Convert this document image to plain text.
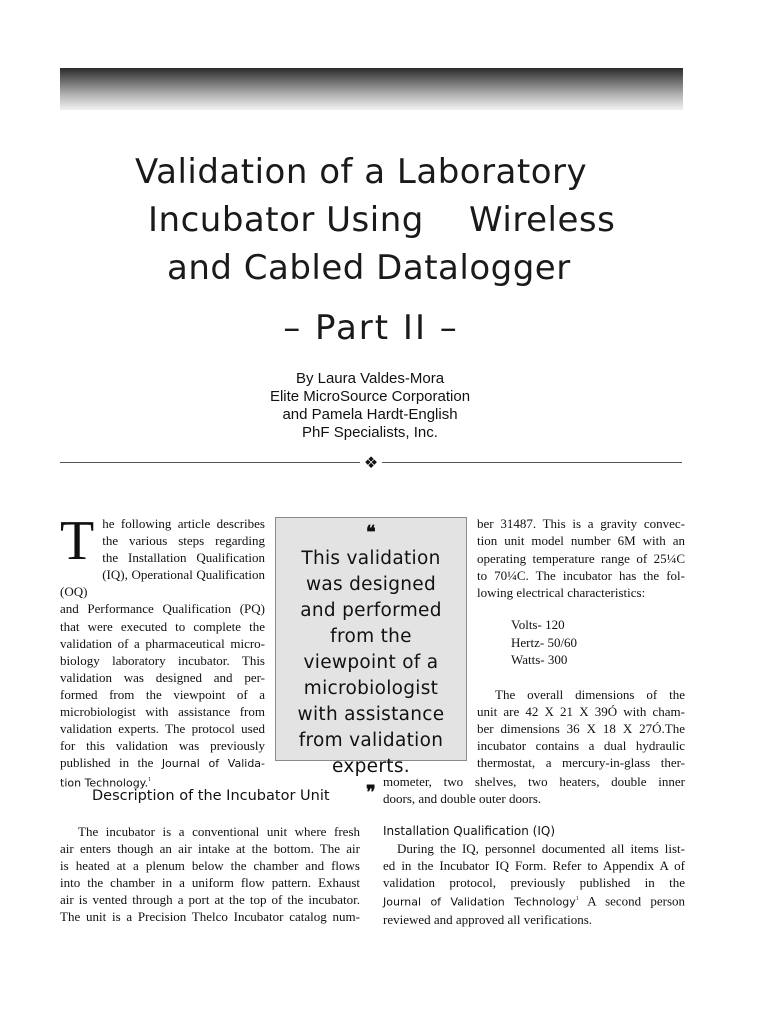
Validation of a Laboratory
Incubator Using    Wireless
and Cabled Datalogger
– Part II –
By Laura Valdes-Mora
Elite MicroSource Corporation
and Pamela Hardt-English
PhF Specialists, Inc.
❖
T he following article describes
the various steps regarding
the Installation Qualification
(IQ), Operational Qualification (OQ)
and Performance Qualification (PQ)
that were executed to complete the
validation of a pharmaceutical micro-
biology laboratory incubator. This
validation was designed and per-
formed from the viewpoint of a
microbiologist with assistance from
validation experts. The protocol used
for this validation was previously
published in the Journal of Valida-
tion Technology.$^1$
❝
This validation
was designed
and performed
from the
viewpoint of a
microbiologist
with assistance
from validation
experts.
❞
ber 31487. This is a gravity convec-
tion unit model number 6M with an
operating temperature range of 25¼C
to 70¼C. The incubator has the fol-
lowing electrical characteristics:
Volts- 120
Hertz- 50/60
Watts- 300
The overall dimensions of the
unit are 42 X 21 X 39Ó with cham-
ber dimensions 36 X 18 X 27Ó.The
incubator contains a dual hydraulic
thermostat, a mercury-in-glass ther-
mometer, two shelves, two heaters, double inner
doors, and double outer doors.
Description of the Incubator Unit
The incubator is a conventional unit where fresh
air enters though an air intake at the bottom. The air
is heated at a plenum below the chamber and flows
into the chamber in a uniform flow pattern. Exhaust
air is vented through a port at the top of the incubator.
The unit is a Precision Thelco Incubator catalog num-
Installation Qualification (IQ)
During the IQ, personnel documented all items list-
ed in the Incubator IQ Form. Refer to Appendix A of
validation protocol, previously published in the
Journal of Validation Technology$^1$ A second person
reviewed and approved all verifications.
